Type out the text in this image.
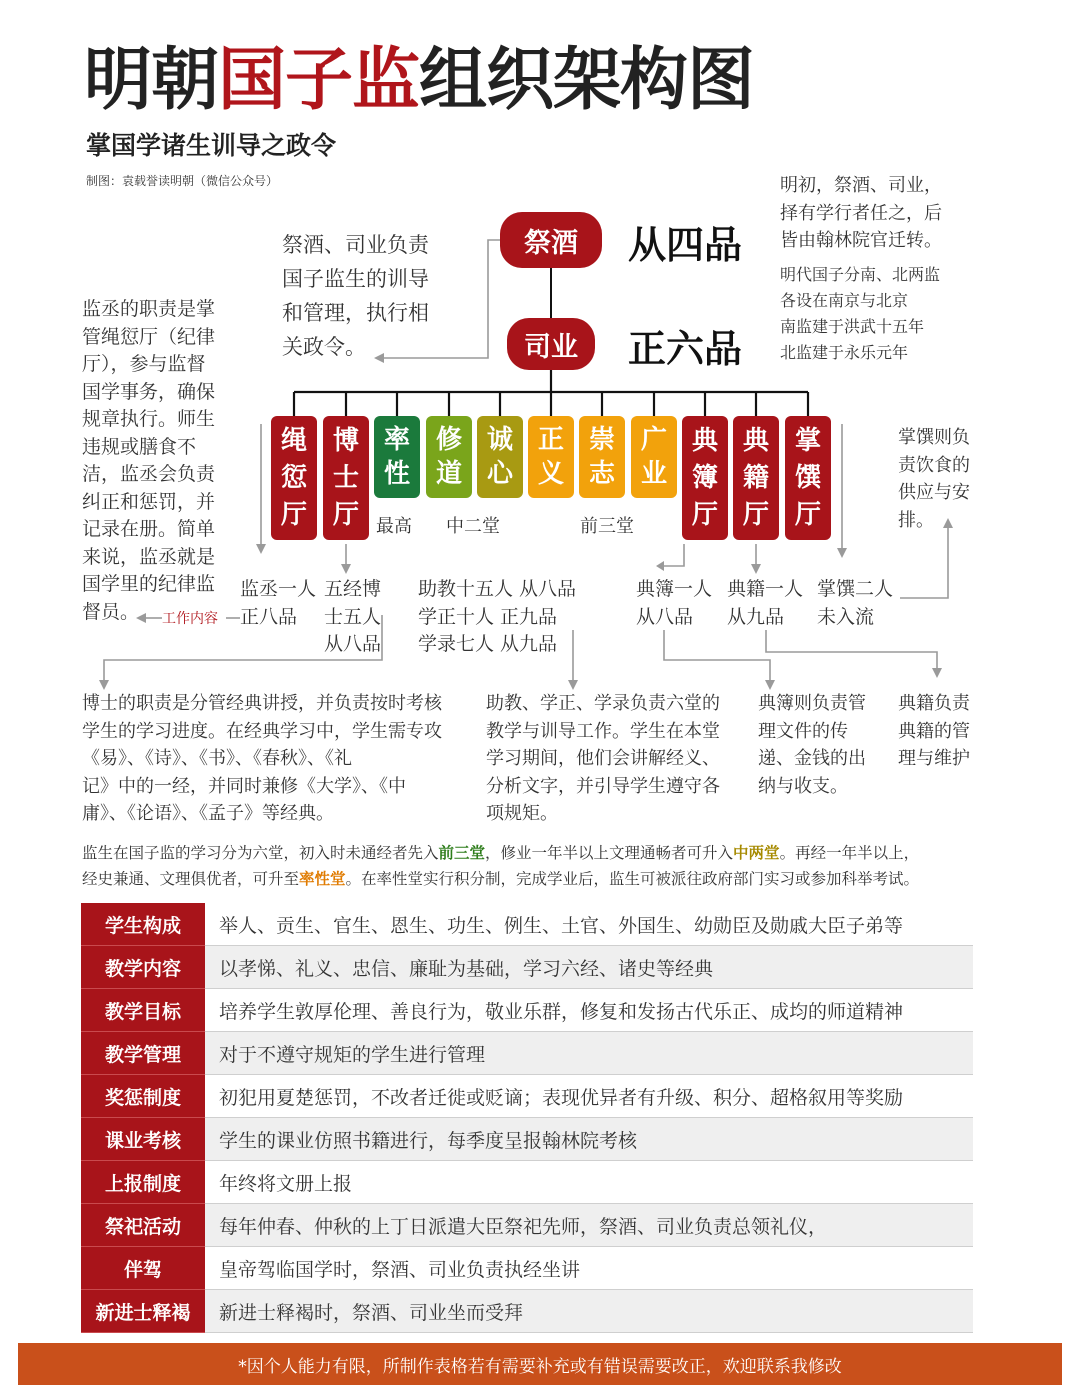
明朝国子监组织架构图
掌国学诸生训导之政令
制图：袁载誉读明朝（微信公众号）
祭酒	从四品
司业	正六品
祭酒、司业负责
国子监生的训导
和管理，执行相
关政令。
明初，祭酒、司业，
择有学行者任之，后
皆由翰林院官迁转。
明代国子分南、北两监
各设在南京与北京
南监建于洪武十五年
北监建于永乐元年
监丞的职责是掌
管绳愆厅（纪律
厅），参与监督
国学事务，确保
规章执行。师生
违规或膳食不
洁，监丞会负责
纠正和惩罚，并
记录在册。简单
来说，监丞就是
国学里的纪律监
督员。	工作内容
绳
愆
厅
博
士
厅
率
性
修
道
诚
心
正
义
崇
志
广
业
典
簿
厅
典
籍
厅
掌
馔
厅
最高 中二堂	前三堂
监丞一人
正八品
五经博
士五人
从八品
助教十五人 从八品
学正十人 正九品
学录七人 从九品
典簿一人
从八品
典籍一人
从九品
掌馔二人
未入流
掌馔则负
责饮食的
供应与安
排。
博士的职责是分管经典讲授，并负责按时考核
学生的学习进度。在经典学习中，学生需专攻
《易》、《诗》、《书》、《春秋》、《礼
记》中的一经，并同时兼修《大学》、《中
庸》、《论语》、《孟子》等经典。
助教、学正、学录负责六堂的
教学与训导工作。学生在本堂
学习期间，他们会讲解经义、
分析文字，并引导学生遵守各
项规矩。
典簿则负责管
理文件的传
递、金钱的出
纳与收支。
典籍负责
典籍的管
理与维护
监生在国子监的学习分为六堂，初入时未通经者先入前三堂，修业一年半以上文理通畅者可升入中两堂。再经一年半以上，
经史兼通、文理俱优者，可升至率性堂。在率性堂实行积分制，完成学业后，监生可被派往政府部门实习或参加科举考试。
学生构成	举人、贡生、官生、恩生、功生、例生、土官、外国生、幼勋臣及勋戚大臣子弟等
教学内容	以孝悌、礼义、忠信、廉耻为基础，学习六经、诸史等经典
教学目标	培养学生敦厚伦理、善良行为，敬业乐群，修复和发扬古代乐正、成均的师道精神
教学管理	对于不遵守规矩的学生进行管理
奖惩制度	初犯用夏楚惩罚，不改者迁徙或贬谪；表现优异者有升级、积分、超格叙用等奖励
课业考核	学生的课业仿照书籍进行，每季度呈报翰林院考核
上报制度	年终将文册上报
祭祀活动	每年仲春、仲秋的上丁日派遣大臣祭祀先师，祭酒、司业负责总领礼仪，
伴驾	皇帝驾临国学时，祭酒、司业负责执经坐讲
新进士释褐	新进士释褐时，祭酒、司业坐而受拜
*因个人能力有限，所制作表格若有需要补充或有错误需要改正，欢迎联系我修改
